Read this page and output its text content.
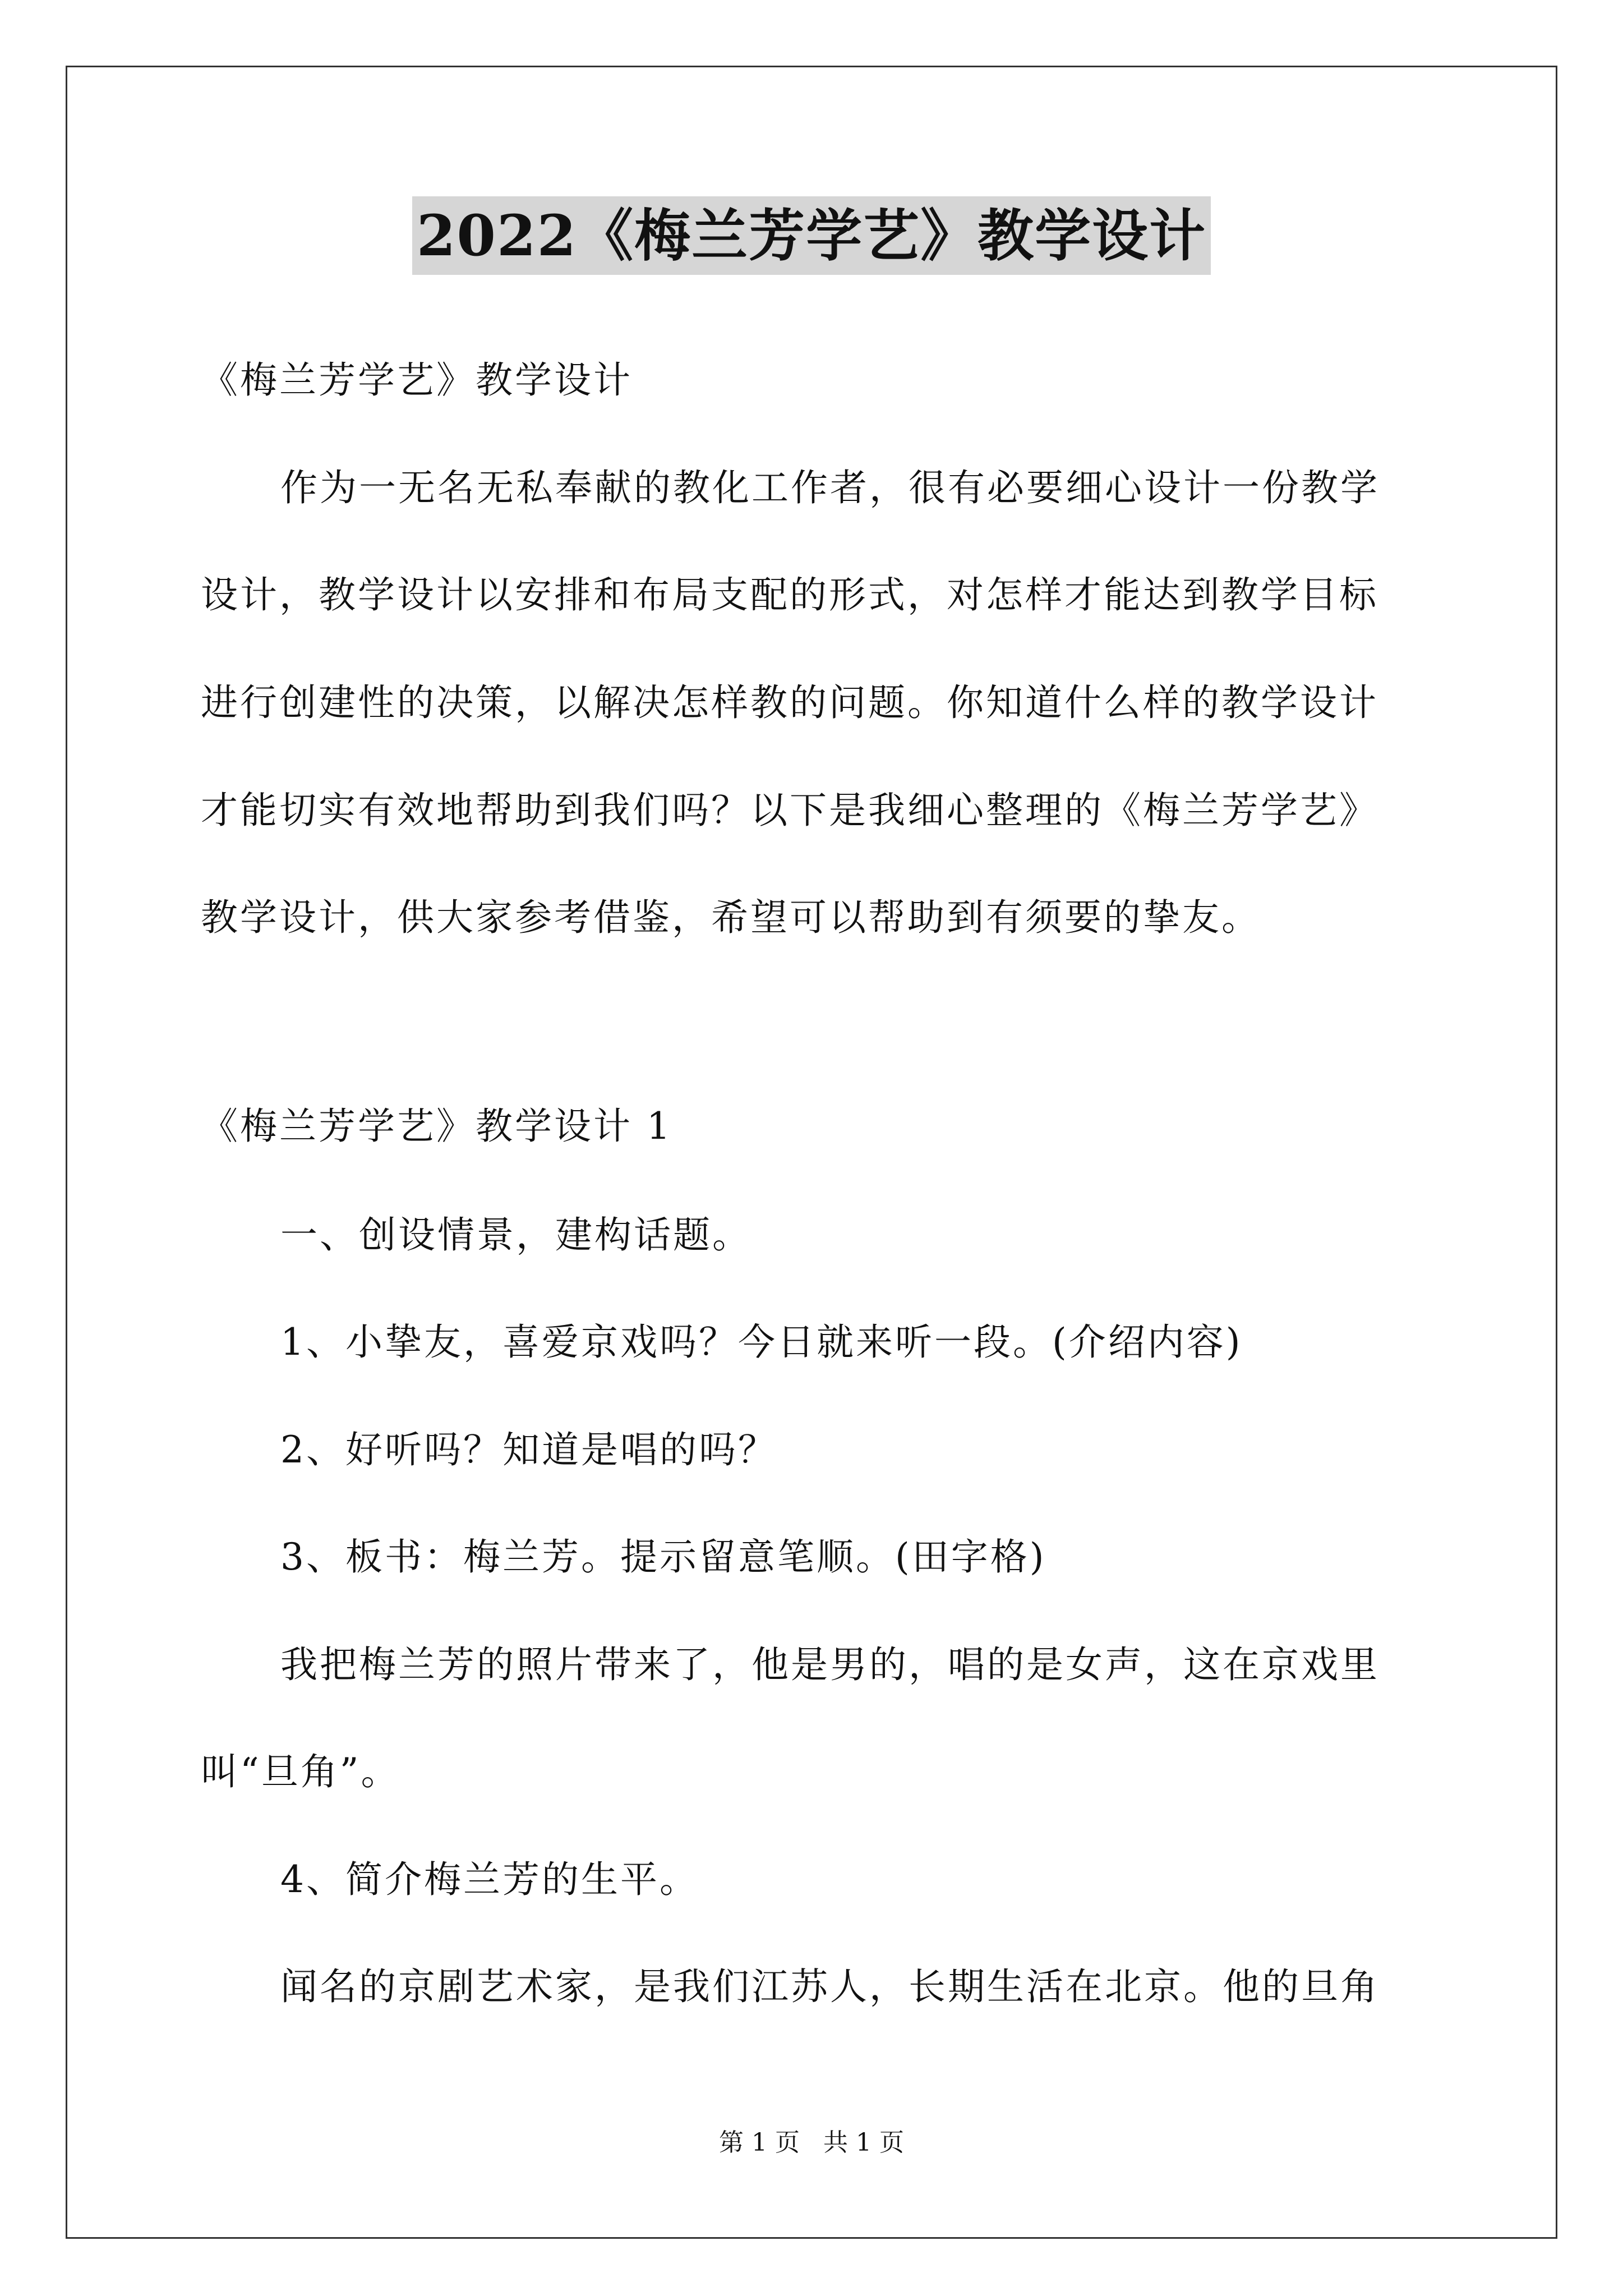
2022《梅兰芳学艺》教学设计
《梅兰芳学艺》教学设计
作为一无名无私奉献的教化工作者，很有必要细心设计一份教学
设计，教学设计以安排和布局支配的形式，对怎样才能达到教学目标
进行创建性的决策，以解决怎样教的问题。你知道什么样的教学设计
才能切实有效地帮助到我们吗？以下是我细心整理的《梅兰芳学艺》
教学设计，供大家参考借鉴，希望可以帮助到有须要的挚友。
《梅兰芳学艺》教学设计 1
一、创设情景，建构话题。
1、小挚友，喜爱京戏吗？今日就来听一段。(介绍内容)
2、好听吗？知道是唱的吗？
3、板书：梅兰芳。提示留意笔顺。(田字格)
我把梅兰芳的照片带来了，他是男的，唱的是女声，这在京戏里
叫“旦角”。
4、简介梅兰芳的生平。
闻名的京剧艺术家，是我们江苏人，长期生活在北京。他的旦角
第 1 页 共 1 页
